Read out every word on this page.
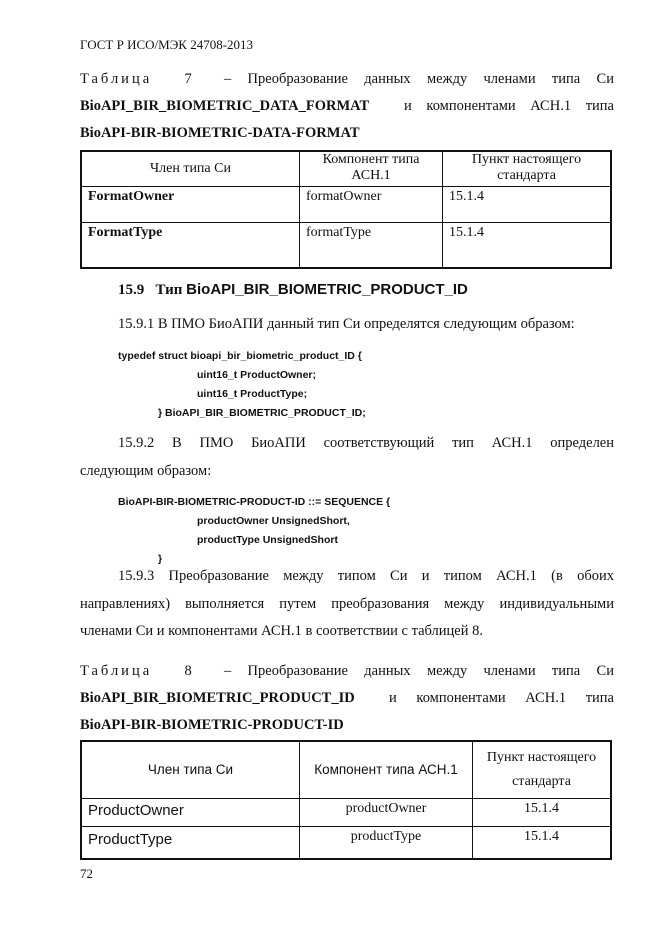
ГОСТ Р ИСО/МЭК 24708-2013
Таблица 7 – Преобразование данных между членами типа Си
BioAPI_BIR_BIOMETRIC_DATA_FORMAT и компонентами АСН.1 типа
BioAPI-BIR-BIOMETRIC-DATA-FORMAT
Член типа Си	Компонент типа АСН.1	Пункт настоящего стандарта
FormatOwner	formatOwner	15.1.4
FormatType	formatType	15.1.4
15.9 Тип BioAPI_BIR_BIOMETRIC_PRODUCT_ID
15.9.1 В ПМО БиоАПИ данный тип Си определятся следующим образом:
typedef struct bioapi_bir_biometric_product_ID {
uint16_t ProductOwner;
uint16_t ProductType;
} BioAPI_BIR_BIOMETRIC_PRODUCT_ID;
15.9.2 В ПМО БиоАПИ соответствующий тип АСН.1 определен
следующим образом:
BioAPI-BIR-BIOMETRIC-PRODUCT-ID ::= SEQUENCE {
productOwner UnsignedShort,
productType UnsignedShort
}
15.9.3 Преобразование между типом Си и типом АСН.1 (в обоих
направлениях) выполняется путем преобразования между индивидуальными
членами Си и компонентами АСН.1 в соответствии с таблицей 8.
Таблица 8 – Преобразование данных между членами типа Си
BioAPI_BIR_BIOMETRIC_PRODUCT_ID и компонентами АСН.1 типа
BioAPI-BIR-BIOMETRIC-PRODUCT-ID
Член типа Си	Компонент типа АСН.1	Пункт настоящего стандарта
ProductOwner	productOwner	15.1.4
ProductType	productType	15.1.4
72
